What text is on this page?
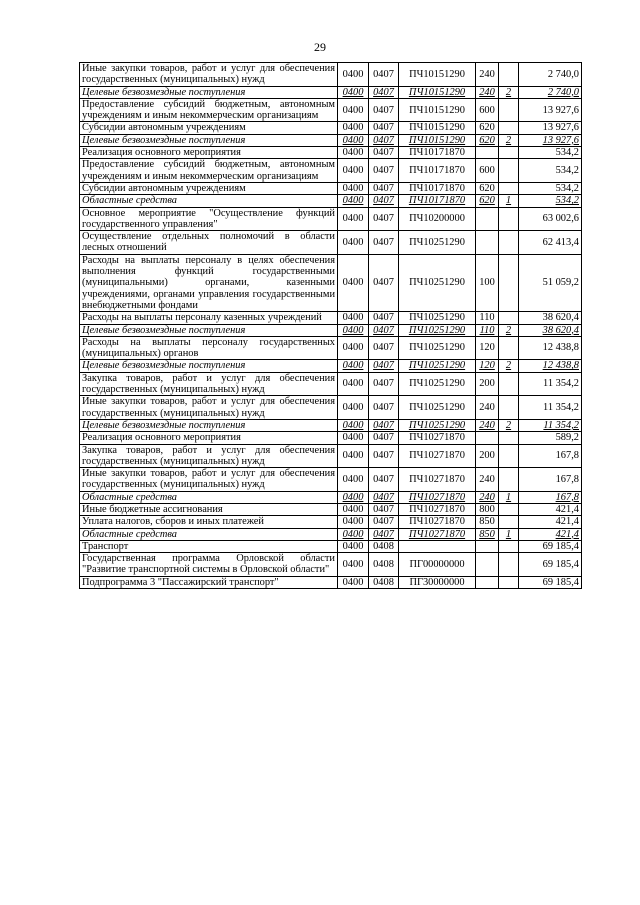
29
Иные закупки товаров, работ и услуг для обеспечения государственных (муниципальных) нужд	0400	0407	ПЧ10151290	240		2 740,0
Целевые безвозмездные поступления	0400	0407	ПЧ10151290	240	2	2 740,0
Предоставление субсидий бюджетным, автономным учреждениям и иным некоммерческим организациям	0400	0407	ПЧ10151290	600		13 927,6
Субсидии автономным учреждениям	0400	0407	ПЧ10151290	620		13 927,6
Целевые безвозмездные поступления	0400	0407	ПЧ10151290	620	2	13 927,6
Реализация основного мероприятия	0400	0407	ПЧ10171870			534,2
Предоставление субсидий бюджетным, автономным учреждениям и иным некоммерческим организациям	0400	0407	ПЧ10171870	600		534,2
Субсидии автономным учреждениям	0400	0407	ПЧ10171870	620		534,2
Областные средства	0400	0407	ПЧ10171870	620	1	534,2
Основное мероприятие "Осуществление функций государственного управления"	0400	0407	ПЧ10200000			63 002,6
Осуществление отдельных полномочий в области лесных отношений	0400	0407	ПЧ10251290			62 413,4
Расходы на выплаты персоналу в целях обеспечения выполнения функций государственными (муниципальными) органами, казенными учреждениями, органами управления государственными внебюджетными фондами	0400	0407	ПЧ10251290	100		51 059,2
Расходы на выплаты персоналу казенных учреждений	0400	0407	ПЧ10251290	110		38 620,4
Целевые безвозмездные поступления	0400	0407	ПЧ10251290	110	2	38 620,4
Расходы на выплаты персоналу государственных (муниципальных) органов	0400	0407	ПЧ10251290	120		12 438,8
Целевые безвозмездные поступления	0400	0407	ПЧ10251290	120	2	12 438,8
Закупка товаров, работ и услуг для обеспечения государственных (муниципальных) нужд	0400	0407	ПЧ10251290	200		11 354,2
Иные закупки товаров, работ и услуг для обеспечения государственных (муниципальных) нужд	0400	0407	ПЧ10251290	240		11 354,2
Целевые безвозмездные поступления	0400	0407	ПЧ10251290	240	2	11 354,2
Реализация основного мероприятия	0400	0407	ПЧ10271870			589,2
Закупка товаров, работ и услуг для обеспечения государственных (муниципальных) нужд	0400	0407	ПЧ10271870	200		167,8
Иные закупки товаров, работ и услуг для обеспечения государственных (муниципальных) нужд	0400	0407	ПЧ10271870	240		167,8
Областные средства	0400	0407	ПЧ10271870	240	1	167,8
Иные бюджетные ассигнования	0400	0407	ПЧ10271870	800		421,4
Уплата налогов, сборов и иных платежей	0400	0407	ПЧ10271870	850		421,4
Областные средства	0400	0407	ПЧ10271870	850	1	421,4
Транспорт	0400	0408				69 185,4
Государственная программа Орловской области "Развитие транспортной системы в Орловской области"	0400	0408	ПГ00000000			69 185,4
Подпрограмма 3 "Пассажирский транспорт"	0400	0408	ПГ30000000			69 185,4
